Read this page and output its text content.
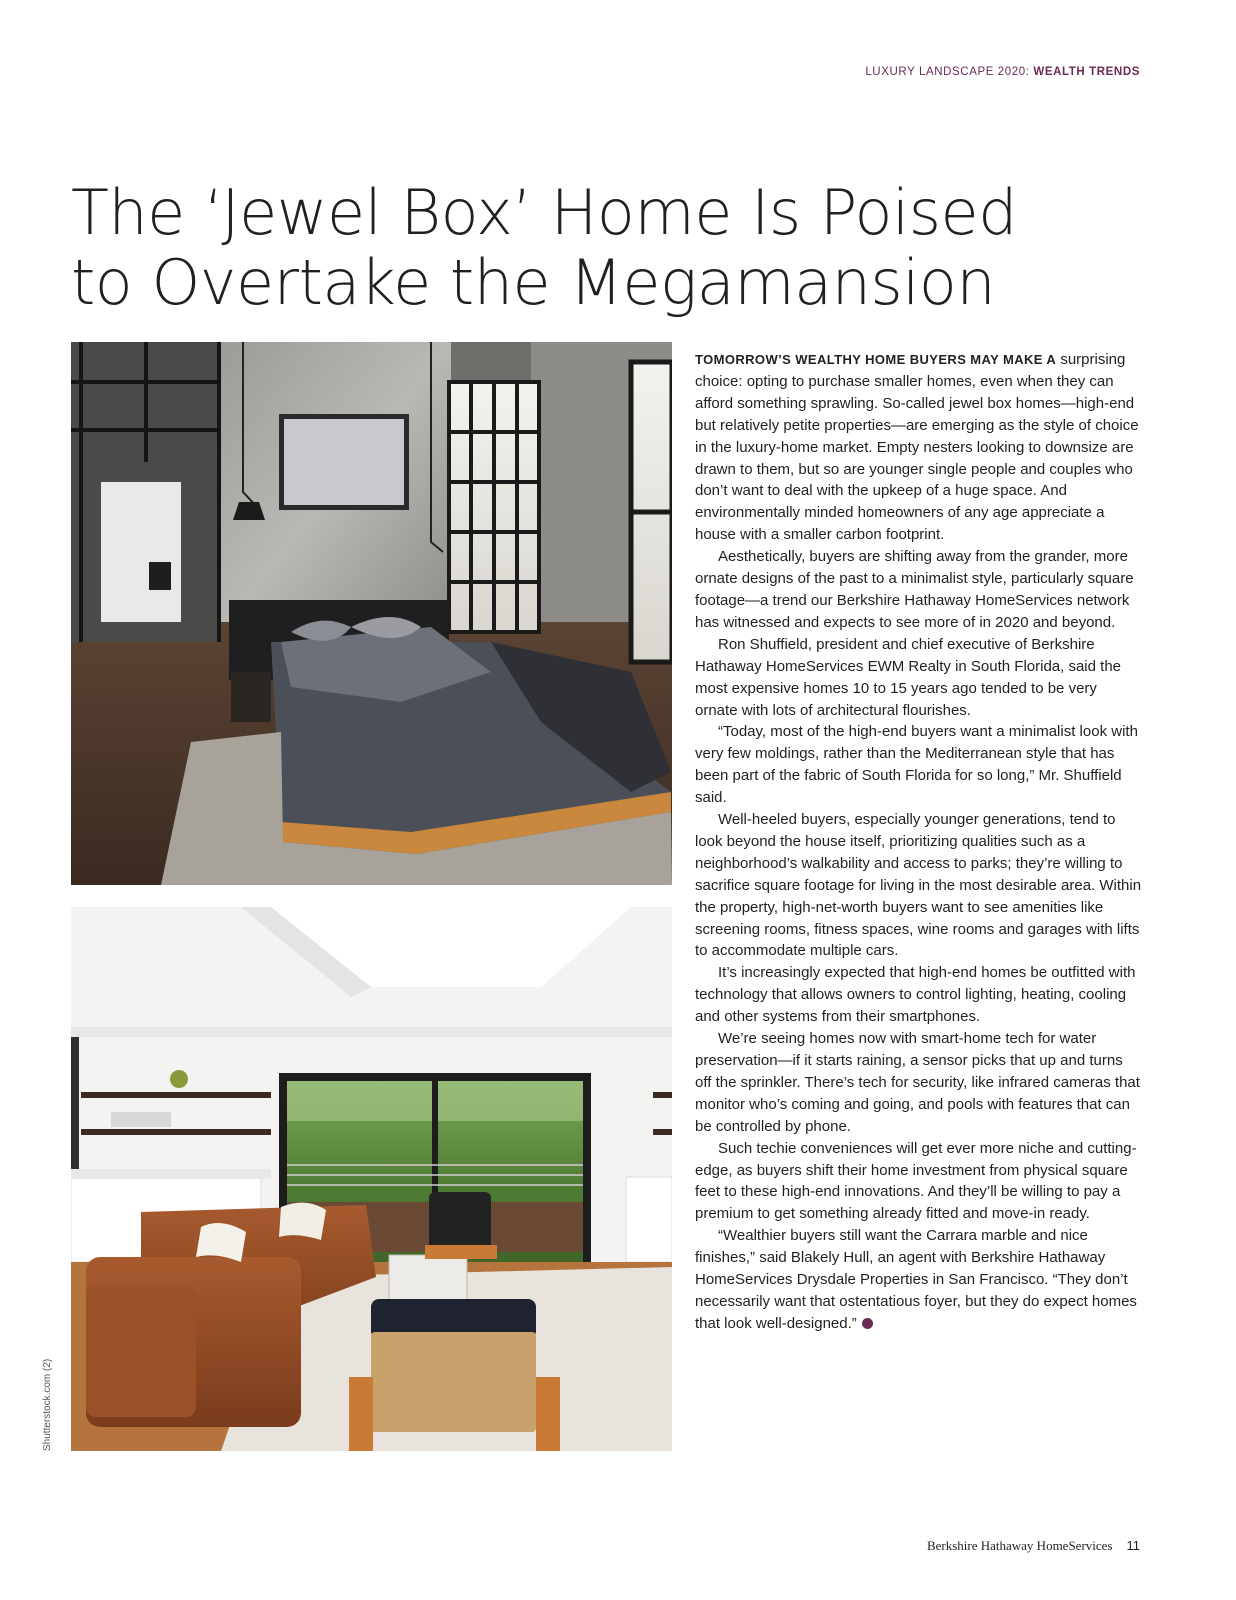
LUXURY LANDSCAPE 2020: WEALTH TRENDS
The ‘Jewel Box’ Home Is Poised
to Overtake the Megamansion
Shutterstock.com (2)

TOMORROW’S WEALTHY HOME BUYERS MAY MAKE A surprising choice: opting to purchase smaller homes, even when they can afford something sprawling. So-called jewel box homes—high-end but relatively petite properties—are emerging as the style of choice in the luxury-home market. Empty nesters looking to downsize are drawn to them, but so are younger single people and couples who don’t want to deal with the upkeep of a huge space. And environmentally minded homeowners of any age appreciate a house with a smaller carbon footprint.

Aesthetically, buyers are shifting away from the grander, more ornate designs of the past to a minimalist style, particularly square footage—a trend our Berkshire Hathaway HomeServices network has witnessed and expects to see more of in 2020 and beyond.

Ron Shuffield, president and chief executive of Berkshire Hathaway HomeServices EWM Realty in South Florida, said the most expensive homes 10 to 15 years ago tended to be very ornate with lots of architectural flourishes.

“Today, most of the high-end buyers want a minimalist look with very few moldings, rather than the Mediterranean style that has been part of the fabric of South Florida for so long,” Mr. Shuffield said.

Well-heeled buyers, especially younger generations, tend to look beyond the house itself, prioritizing qualities such as a neighborhood’s walkability and access to parks; they’re willing to sacrifice square footage for living in the most desirable area. Within the property, high-net-worth buyers want to see amenities like screening rooms, fitness spaces, wine rooms and garages with lifts to accommodate multiple cars.

It’s increasingly expected that high-end homes be outfitted with technology that allows owners to control lighting, heating, cooling and other systems from their smartphones.

We’re seeing homes now with smart-home tech for water preservation—if it starts raining, a sensor picks that up and turns off the sprinkler. There’s tech for security, like infrared cameras that monitor who’s coming and going, and pools with features that can be controlled by phone.

Such techie conveniences will get ever more niche and cutting-edge, as buyers shift their home investment from physical square feet to these high-end innovations. And they’ll be willing to pay a premium to get something already fitted and move-in ready.

“Wealthier buyers still want the Carrara marble and nice finishes,” said Blakely Hull, an agent with Berkshire Hathaway HomeServices Drysdale Properties in San Francisco. “They don’t necessarily want that ostentatious foyer, but they do expect homes that look well-designed.”

Berkshire Hathaway HomeServices 11
